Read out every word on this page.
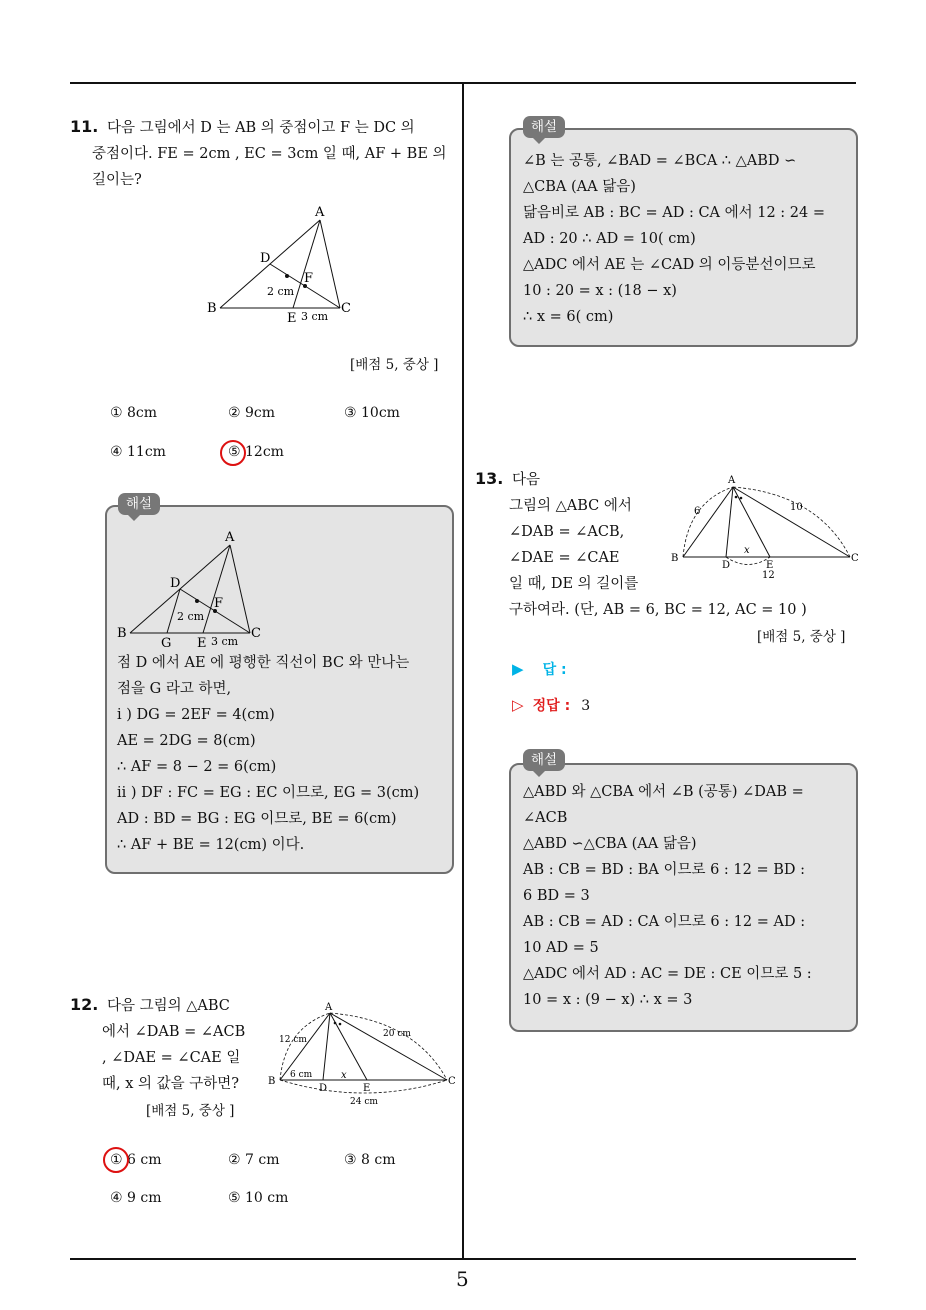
11. 다음 그림에서 D 는 AB 의 중점이고 F 는 DC 의
중점이다. FE = 2cm , EC = 3cm 일 때, AF + BE 의
길이는?
A
B	C
D
E
F
2 cm
3 cm
[배점 5, 중상 ]
① 8cm	② 9cm	③ 10cm
④ 11cm	⑤ 12cm
A
B	C
D
E
F
G
2 cm
3 cm
점 D 에서 AE 에 평행한 직선이 BC 와 만나는
점을 G 라고 하면,
i ) DG = 2EF = 4(cm)
AE = 2DG = 8(cm)
∴ AF = 8 − 2 = 6(cm)
ii ) DF : FC = EG : EC 이므로, EG = 3(cm)
AD : BD = BG : EG 이므로, BE = 6(cm)
∴ AF + BE = 12(cm) 이다.
해설
12. 다음 그림의 △ABC
에서 ∠DAB = ∠ACB
, ∠DAE = ∠CAE 일
때, x 의 값을 구하면?
[배점 5, 중상 ]
A
B	C
D	E
12 cm
20 cm
6 cm	x
24 cm
① 6 cm	② 7 cm	③ 8 cm
④ 9 cm	⑤ 10 cm
∠B 는 공통, ∠BAD = ∠BCA ∴ △ABD ∽
△CBA (AA 닮음)
닮음비로 AB : BC = AD : CA 에서 12 : 24 =
AD : 20 ∴ AD = 10( cm)
△ADC 에서 AE 는 ∠CAD 의 이등분선이므로
10 : 20 = x : (18 − x)
∴ x = 6( cm)
해설
13. 다음
그림의 △ABC 에서
∠DAB = ∠ACB,
∠DAE = ∠CAE
일 때, DE 의 길이를
구하여라. (단, AB = 6, BC = 12, AC = 10 )
A
B	C
D	E
6	10
x
12
[배점 5, 중상 ]
▶ 답 :
▷ 정답 : 3
△ABD 와 △CBA 에서 ∠B (공통) ∠DAB =
∠ACB
△ABD ∽△CBA (AA 닮음)
AB : CB = BD : BA 이므로 6 : 12 = BD :
6 BD = 3
AB : CB = AD : CA 이므로 6 : 12 = AD :
10 AD = 5
△ADC 에서 AD : AC = DE : CE 이므로 5 :
10 = x : (9 − x) ∴ x = 3
해설
5
